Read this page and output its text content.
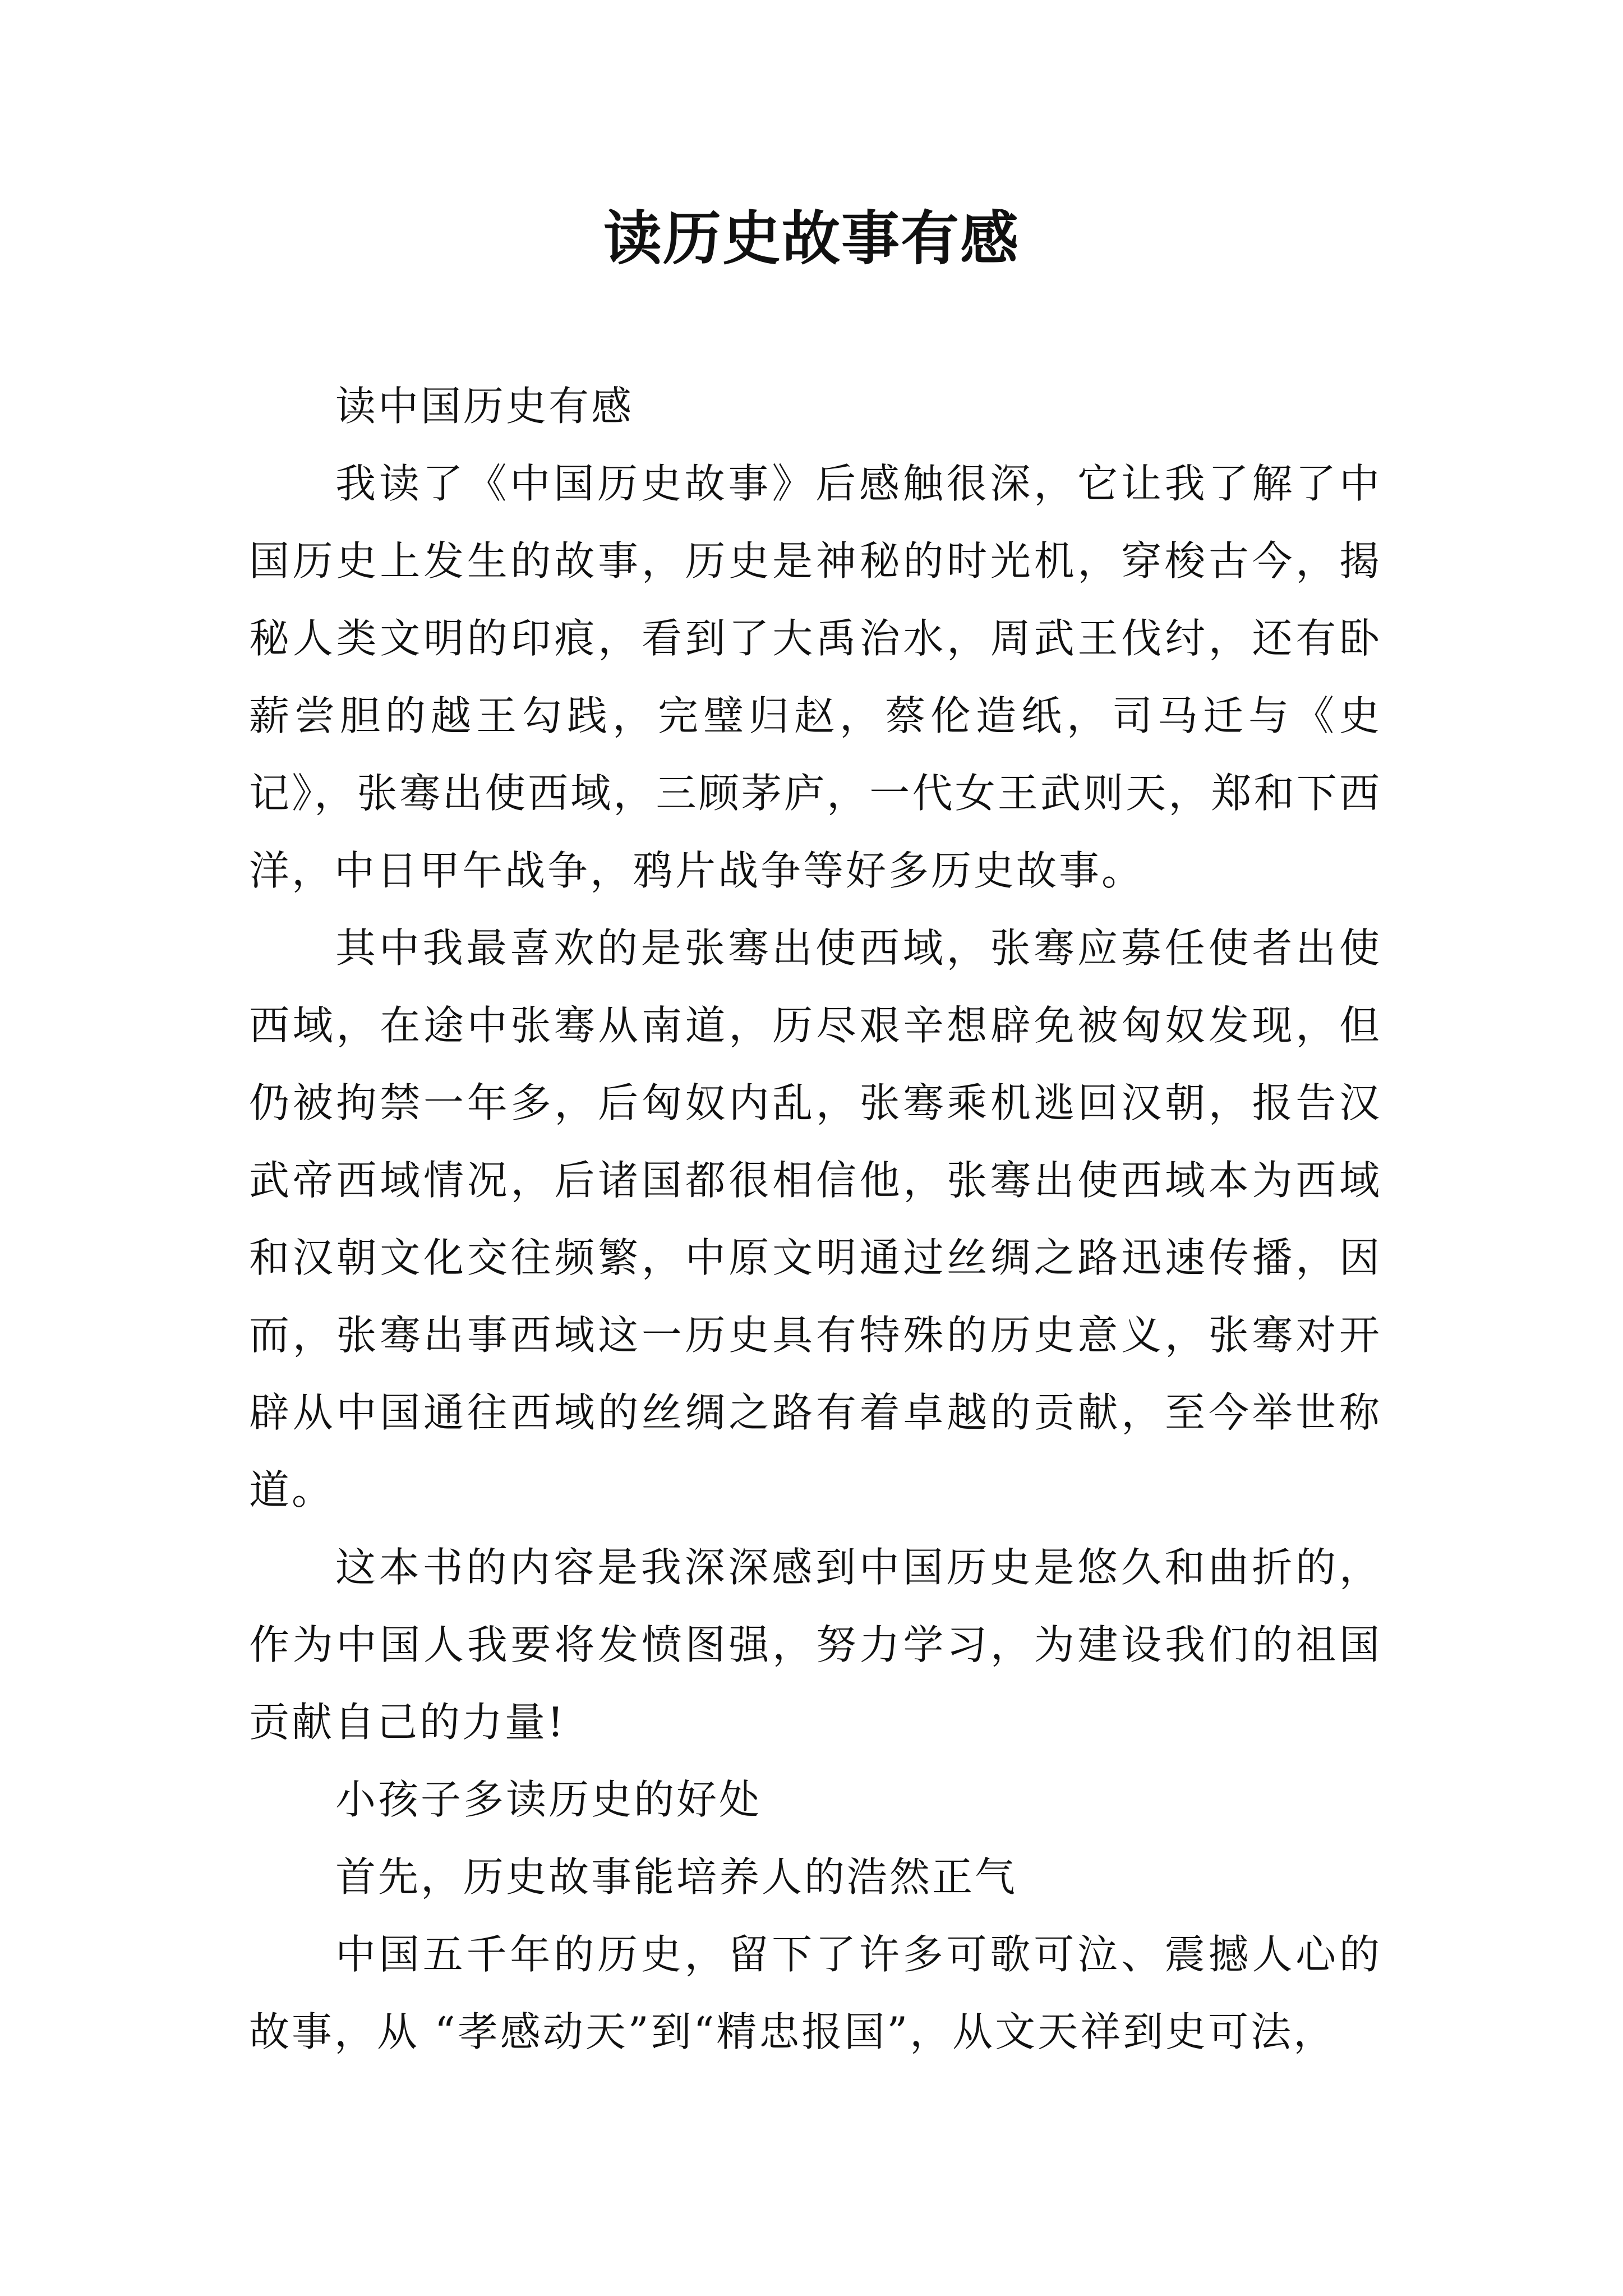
读历史故事有感

读中国历史有感

我读了《中国历史故事》后感触很深，它让我了解了中国历史上发生的故事，历史是神秘的时光机，穿梭古今，揭秘人类文明的印痕，看到了大禹治水，周武王伐纣，还有卧薪尝胆的越王勾践，完璧归赵，蔡伦造纸，司马迁与《史记》，张骞出使西域，三顾茅庐，一代女王武则天，郑和下西洋，中日甲午战争，鸦片战争等好多历史故事。

其中我最喜欢的是张骞出使西域，张骞应募任使者出使西域，在途中张骞从南道，历尽艰辛想辟免被匈奴发现，但仍被拘禁一年多，后匈奴内乱，张骞乘机逃回汉朝，报告汉武帝西域情况，后诸国都很相信他，张骞出使西域本为西域和汉朝文化交往频繁，中原文明通过丝绸之路迅速传播，因而，张骞出事西域这一历史具有特殊的历史意义，张骞对开辟从中国通往西域的丝绸之路有着卓越的贡献，至今举世称道。

这本书的内容是我深深感到中国历史是悠久和曲折的，作为中国人我要将发愤图强，努力学习，为建设我们的祖国贡献自己的力量!

小孩子多读历史的好处

首先，历史故事能培养人的浩然正气

中国五千年的历史，留下了许多可歌可泣、震撼人心的故事，从 “孝感动天”到“精忠报国”，从文天祥到史可法，
